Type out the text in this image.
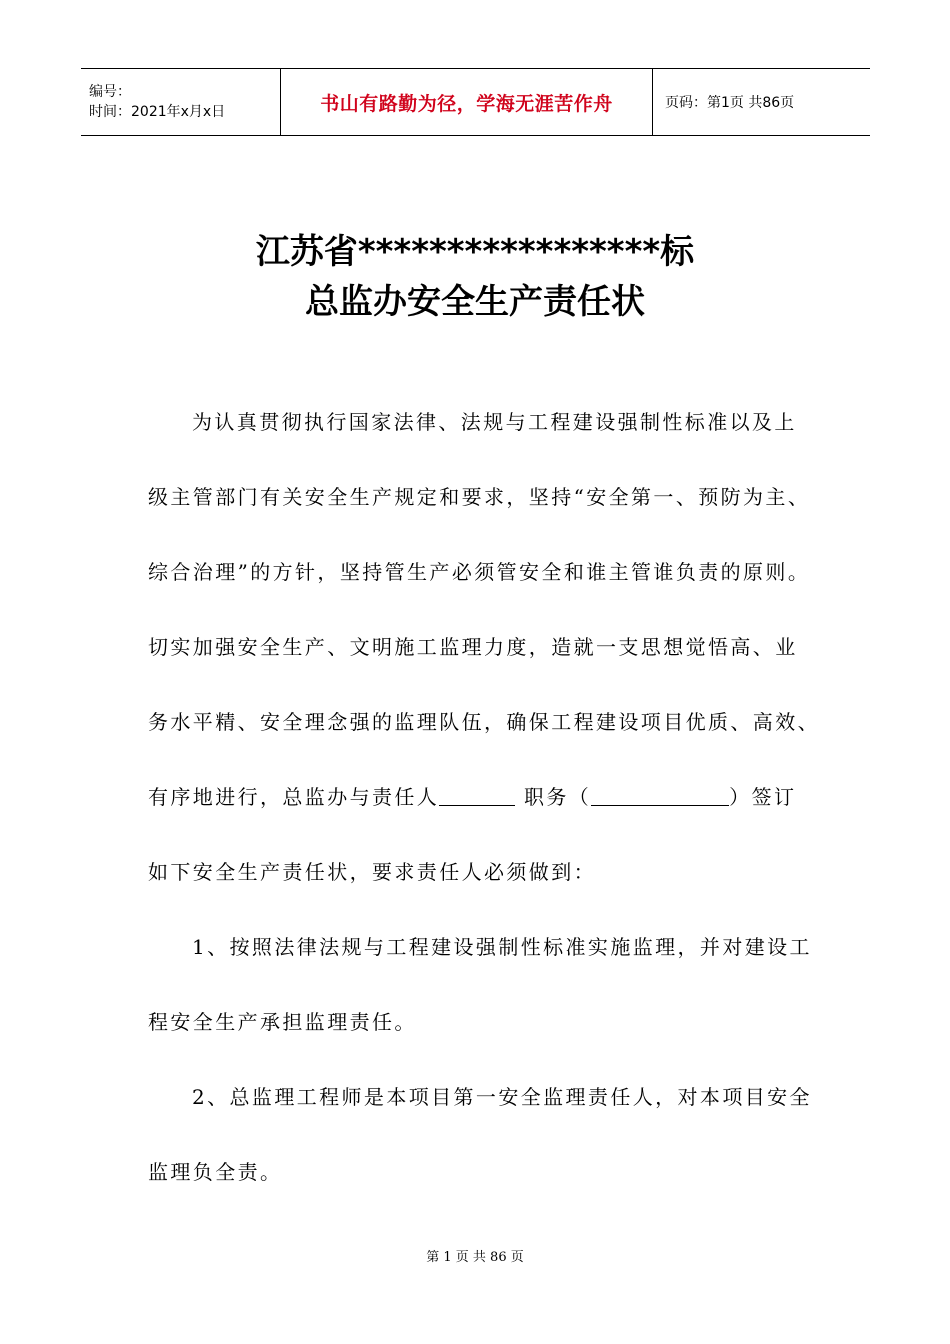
编号：
时间：2021年x月x日	书山有路勤为径，学海无涯苦作舟	页码：第1页 共86页
江苏省*****************标
总监办安全生产责任状
为认真贯彻执行国家法律、法规与工程建设强制性标准以及上
级主管部门有关安全生产规定和要求，坚持“安全第一、预防为主、
综合治理”的方针，坚持管生产必须管安全和谁主管谁负责的原则。
切实加强安全生产、文明施工监理力度，造就一支思想觉悟高、业
务水平精、安全理念强的监理队伍，确保工程建设项目优质、高效、
有序地进行，总监办与责任人	职务（	）签订
如下安全生产责任状，要求责任人必须做到：
1、按照法律法规与工程建设强制性标准实施监理，并对建设工
程安全生产承担监理责任。
2、总监理工程师是本项目第一安全监理责任人，对本项目安全
监理负全责。
第 1 页 共 86 页
